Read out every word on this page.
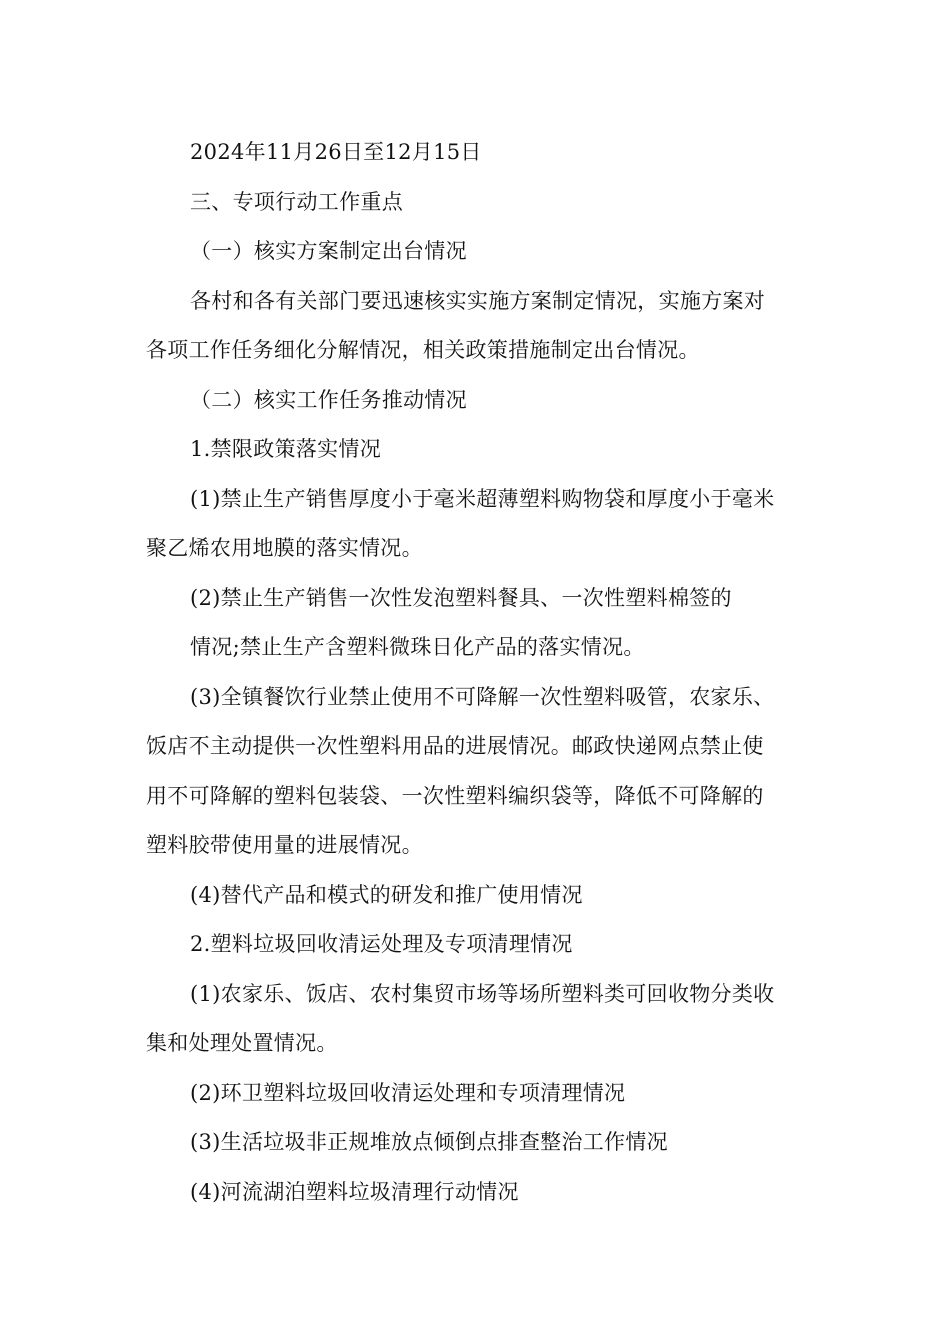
2024年11月26日至12月15日

三、专项行动工作重点

（一）核实方案制定出台情况

各村和各有关部门要迅速核实实施方案制定情况，实施方案对
各项工作任务细化分解情况，相关政策措施制定出台情况。

（二）核实工作任务推动情况

1.禁限政策落实情况

(1)禁止生产销售厚度小于毫米超薄塑料购物袋和厚度小于毫米
聚乙烯农用地膜的落实情况。

(2)禁止生产销售一次性发泡塑料餐具、一次性塑料棉签的

情况;禁止生产含塑料微珠日化产品的落实情况。

(3)全镇餐饮行业禁止使用不可降解一次性塑料吸管，农家乐、
饭店不主动提供一次性塑料用品的进展情况。邮政快递网点禁止使
用不可降解的塑料包装袋、一次性塑料编织袋等，降低不可降解的
塑料胶带使用量的进展情况。

(4)替代产品和模式的研发和推广使用情况

2.塑料垃圾回收清运处理及专项清理情况

(1)农家乐、饭店、农村集贸市场等场所塑料类可回收物分类收
集和处理处置情况。

(2)环卫塑料垃圾回收清运处理和专项清理情况

(3)生活垃圾非正规堆放点倾倒点排查整治工作情况

(4)河流湖泊塑料垃圾清理行动情况
